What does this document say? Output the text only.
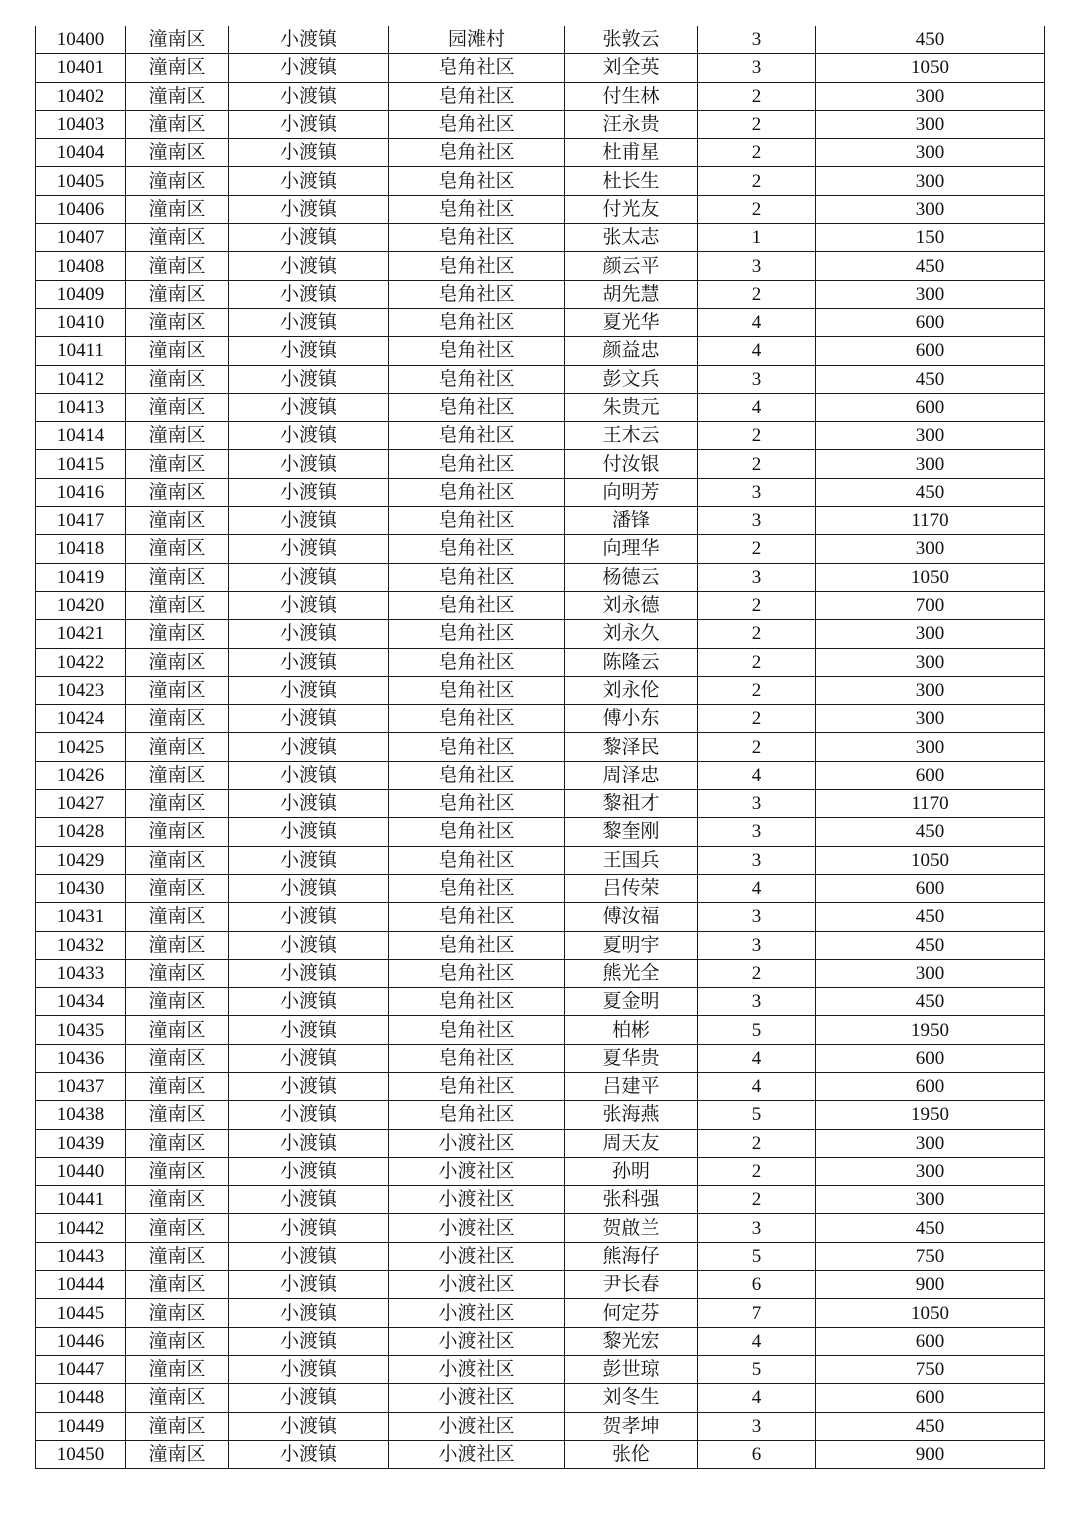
10400	潼南区	小渡镇	园滩村	张敦云	3	450
10401	潼南区	小渡镇	皂角社区	刘全英	3	1050
10402	潼南区	小渡镇	皂角社区	付生林	2	300
10403	潼南区	小渡镇	皂角社区	汪永贵	2	300
10404	潼南区	小渡镇	皂角社区	杜甫星	2	300
10405	潼南区	小渡镇	皂角社区	杜长生	2	300
10406	潼南区	小渡镇	皂角社区	付光友	2	300
10407	潼南区	小渡镇	皂角社区	张太志	1	150
10408	潼南区	小渡镇	皂角社区	颜云平	3	450
10409	潼南区	小渡镇	皂角社区	胡先慧	2	300
10410	潼南区	小渡镇	皂角社区	夏光华	4	600
10411	潼南区	小渡镇	皂角社区	颜益忠	4	600
10412	潼南区	小渡镇	皂角社区	彭文兵	3	450
10413	潼南区	小渡镇	皂角社区	朱贵元	4	600
10414	潼南区	小渡镇	皂角社区	王木云	2	300
10415	潼南区	小渡镇	皂角社区	付汝银	2	300
10416	潼南区	小渡镇	皂角社区	向明芳	3	450
10417	潼南区	小渡镇	皂角社区	潘锋	3	1170
10418	潼南区	小渡镇	皂角社区	向理华	2	300
10419	潼南区	小渡镇	皂角社区	杨德云	3	1050
10420	潼南区	小渡镇	皂角社区	刘永德	2	700
10421	潼南区	小渡镇	皂角社区	刘永久	2	300
10422	潼南区	小渡镇	皂角社区	陈隆云	2	300
10423	潼南区	小渡镇	皂角社区	刘永伦	2	300
10424	潼南区	小渡镇	皂角社区	傅小东	2	300
10425	潼南区	小渡镇	皂角社区	黎泽民	2	300
10426	潼南区	小渡镇	皂角社区	周泽忠	4	600
10427	潼南区	小渡镇	皂角社区	黎祖才	3	1170
10428	潼南区	小渡镇	皂角社区	黎奎刚	3	450
10429	潼南区	小渡镇	皂角社区	王国兵	3	1050
10430	潼南区	小渡镇	皂角社区	吕传荣	4	600
10431	潼南区	小渡镇	皂角社区	傅汝福	3	450
10432	潼南区	小渡镇	皂角社区	夏明宇	3	450
10433	潼南区	小渡镇	皂角社区	熊光全	2	300
10434	潼南区	小渡镇	皂角社区	夏金明	3	450
10435	潼南区	小渡镇	皂角社区	柏彬	5	1950
10436	潼南区	小渡镇	皂角社区	夏华贵	4	600
10437	潼南区	小渡镇	皂角社区	吕建平	4	600
10438	潼南区	小渡镇	皂角社区	张海燕	5	1950
10439	潼南区	小渡镇	小渡社区	周天友	2	300
10440	潼南区	小渡镇	小渡社区	孙明	2	300
10441	潼南区	小渡镇	小渡社区	张科强	2	300
10442	潼南区	小渡镇	小渡社区	贺啟兰	3	450
10443	潼南区	小渡镇	小渡社区	熊海仔	5	750
10444	潼南区	小渡镇	小渡社区	尹长春	6	900
10445	潼南区	小渡镇	小渡社区	何定芬	7	1050
10446	潼南区	小渡镇	小渡社区	黎光宏	4	600
10447	潼南区	小渡镇	小渡社区	彭世琼	5	750
10448	潼南区	小渡镇	小渡社区	刘冬生	4	600
10449	潼南区	小渡镇	小渡社区	贺孝坤	3	450
10450	潼南区	小渡镇	小渡社区	张伦	6	900
